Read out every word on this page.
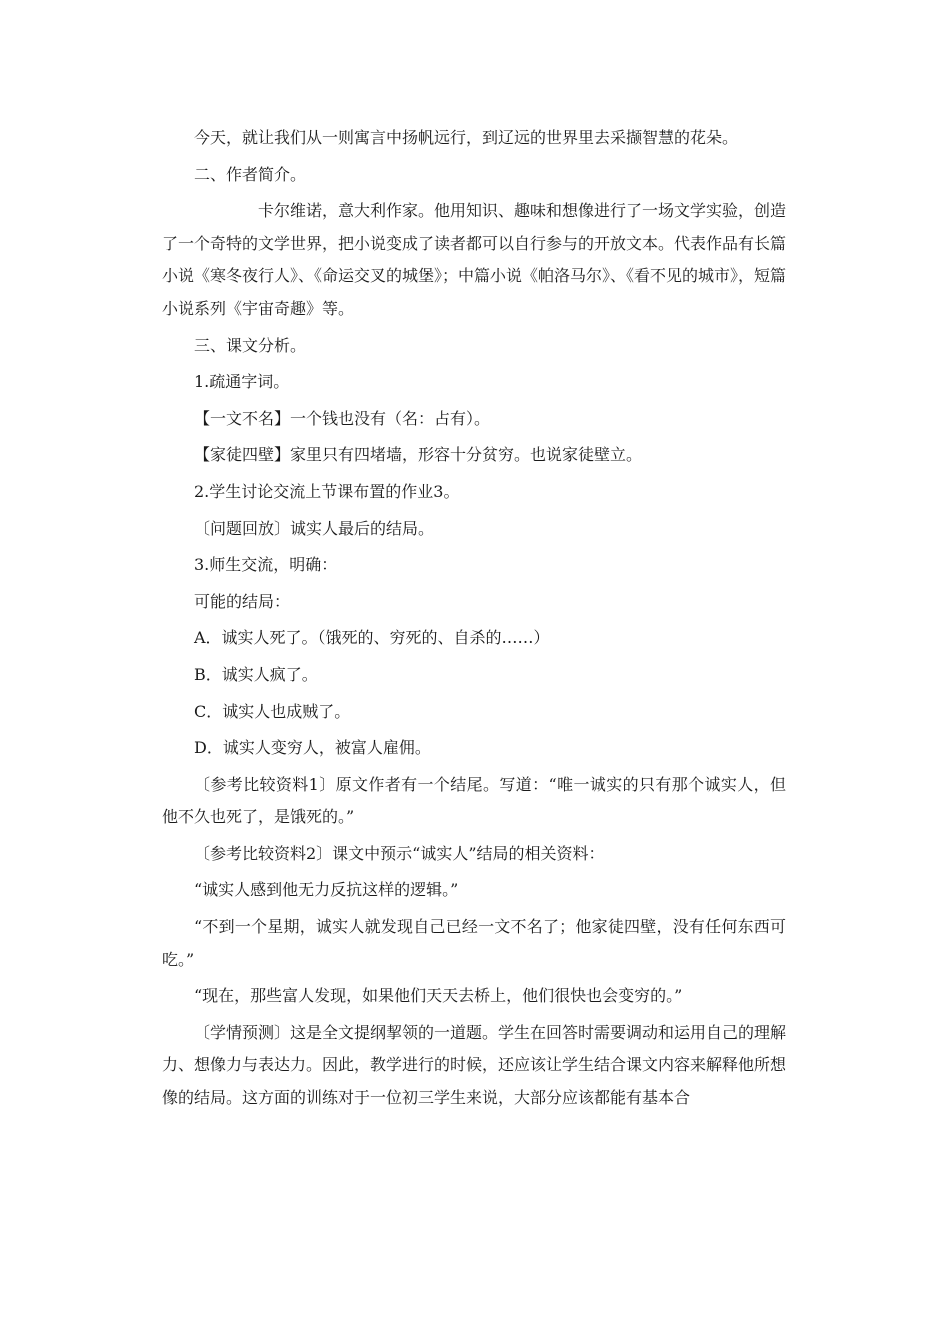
今天，就让我们从一则寓言中扬帆远行，到辽远的世界里去采撷智慧的花朵。

二、作者简介。

卡尔维诺，意大利作家。他用知识、趣味和想像进行了一场文学实验，创造了一个奇特的文学世界，把小说变成了读者都可以自行参与的开放文本。代表作品有长篇小说《寒冬夜行人》、《命运交叉的城堡》；中篇小说《帕洛马尔》、《看不见的城市》，短篇小说系列《宇宙奇趣》等。

三、课文分析。

1.疏通字词。

【一文不名】一个钱也没有（名：占有）。

【家徒四壁】家里只有四堵墙，形容十分贫穷。也说家徒壁立。

2.学生讨论交流上节课布置的作业3。

〔问题回放〕诚实人最后的结局。

3.师生交流，明确：

可能的结局：

A．诚实人死了。（饿死的、穷死的、自杀的……）

B．诚实人疯了。

C．诚实人也成贼了。

D．诚实人变穷人，被富人雇佣。

〔参考比较资料1〕原文作者有一个结尾。写道：“唯一诚实的只有那个诚实人，但他不久也死了，是饿死的。”

〔参考比较资料2〕课文中预示“诚实人”结局的相关资料：

“诚实人感到他无力反抗这样的逻辑。”

“不到一个星期，诚实人就发现自己已经一文不名了；他家徒四壁，没有任何东西可吃。”

“现在，那些富人发现，如果他们天天去桥上，他们很快也会变穷的。”

〔学情预测〕这是全文提纲挈领的一道题。学生在回答时需要调动和运用自己的理解力、想像力与表达力。因此，教学进行的时候，还应该让学生结合课文内容来解释他所想像的结局。这方面的训练对于一位初三学生来说，大部分应该都能有基本合
